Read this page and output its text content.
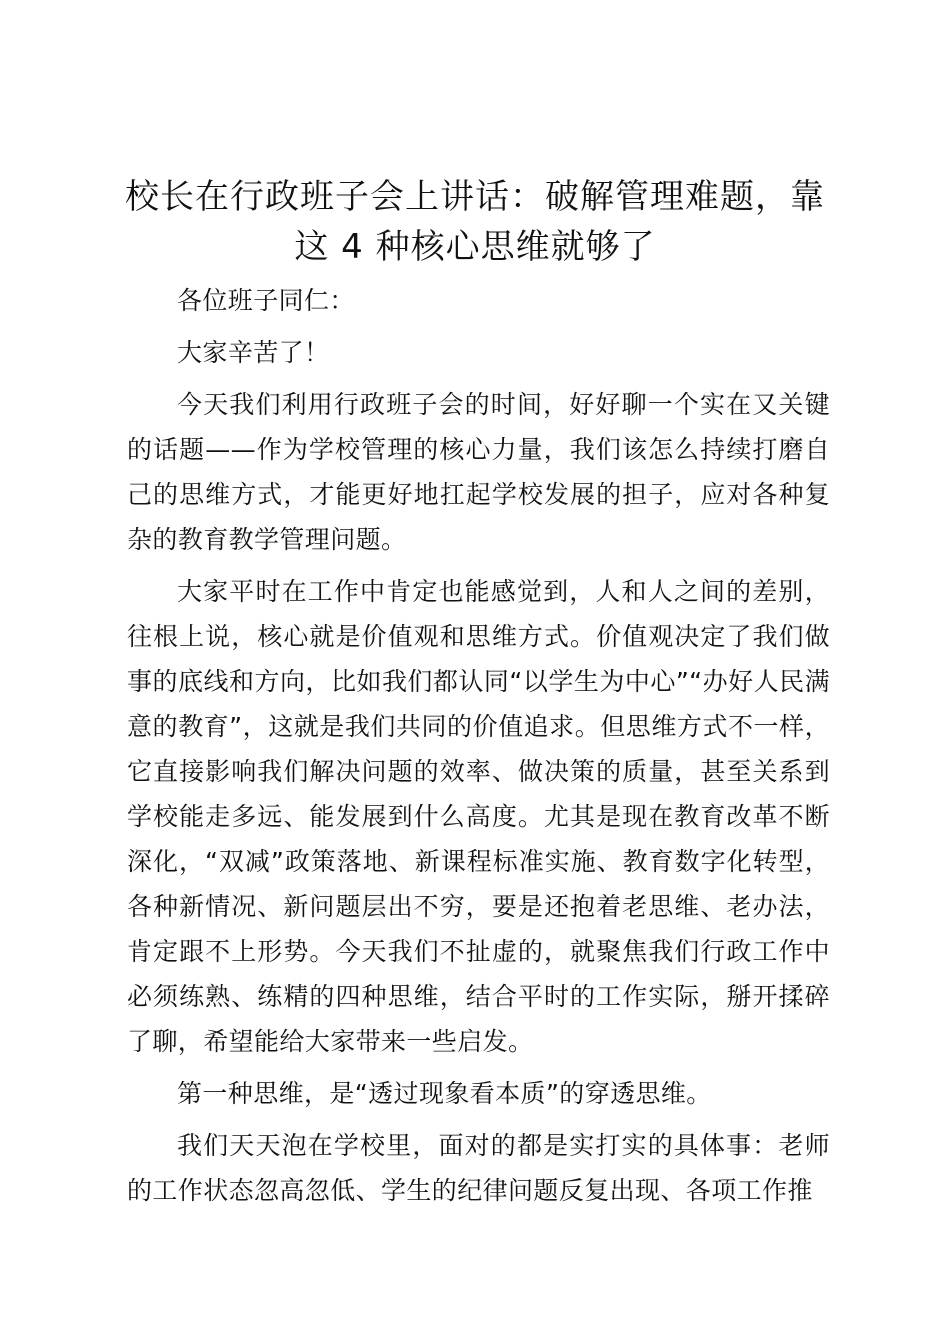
校长在行政班子会上讲话：破解管理难题，靠这 4 种核心思维就够了

各位班子同仁：

大家辛苦了！

今天我们利用行政班子会的时间，好好聊一个实在又关键的话题——作为学校管理的核心力量，我们该怎么持续打磨自己的思维方式，才能更好地扛起学校发展的担子，应对各种复杂的教育教学管理问题。

大家平时在工作中肯定也能感觉到，人和人之间的差别，往根上说，核心就是价值观和思维方式。价值观决定了我们做事的底线和方向，比如我们都认同“以学生为中心”“办好人民满意的教育”，这就是我们共同的价值追求。但思维方式不一样，它直接影响我们解决问题的效率、做决策的质量，甚至关系到学校能走多远、能发展到什么高度。尤其是现在教育改革不断深化，“双减”政策落地、新课程标准实施、教育数字化转型，各种新情况、新问题层出不穷，要是还抱着老思维、老办法，肯定跟不上形势。今天我们不扯虚的，就聚焦我们行政工作中必须练熟、练精的四种思维，结合平时的工作实际，掰开揉碎了聊，希望能给大家带来一些启发。

第一种思维，是“透过现象看本质”的穿透思维。

我们天天泡在学校里，面对的都是实打实的具体事：老师的工作状态忽高忽低、学生的纪律问题反复出现、各项工作推
